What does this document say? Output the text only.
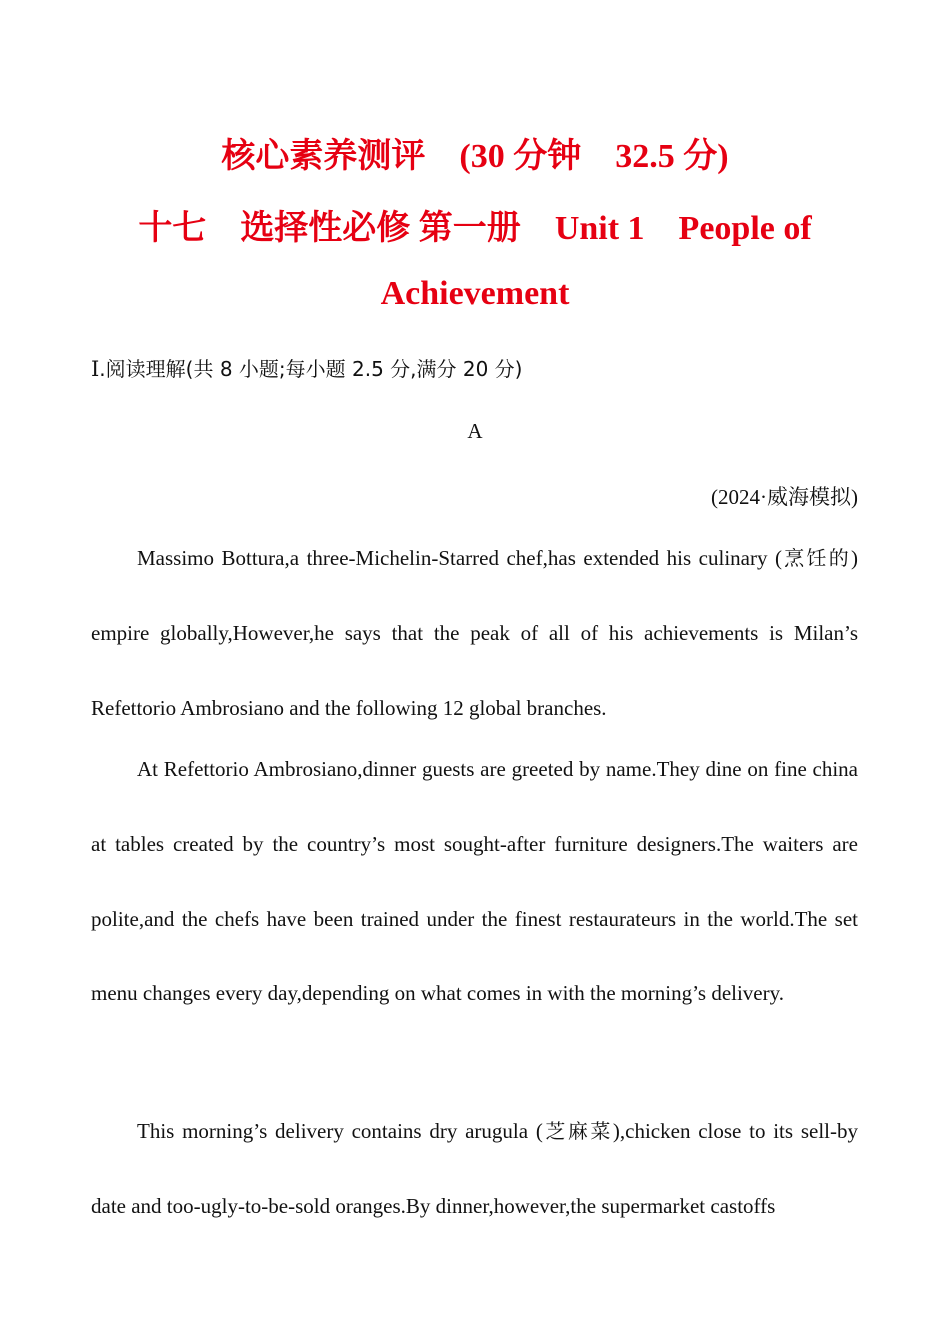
核心素养测评 (30 分钟 32.5 分)
十七 选择性必修 第一册 Unit 1 People of
Achievement
Ⅰ.阅读理解(共 8 小题;每小题 2.5 分,满分 20 分)
A
(2024·威海模拟)

Massimo Bottura,a three-Michelin-Starred chef,has extended his culinary (烹饪的) empire globally,However,he says that the peak of all of his achievements is Milan’s Refettorio Ambrosiano and the following 12 global branches.

At Refettorio Ambrosiano,dinner guests are greeted by name.They dine on fine china at tables created by the country’s most sought-after furniture designers.The waiters are polite,and the chefs have been trained under the finest restaurateurs in the world.The set menu changes every day,depending on what comes in with the morning’s delivery.

This morning’s delivery contains dry arugula (芝麻菜),chicken close to its sell-by date and too-ugly-to-be-sold oranges.By dinner,however,the supermarket castoffs
